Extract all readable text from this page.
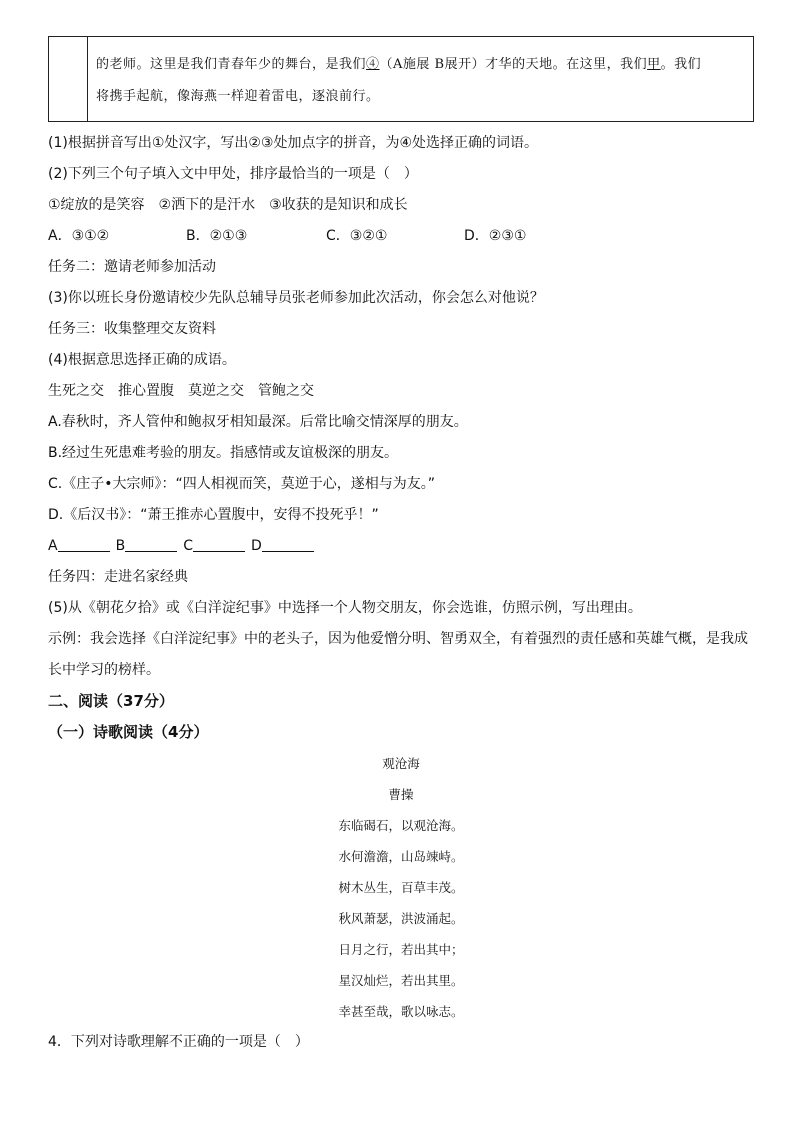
的老师。这里是我们青春年少的舞台，是我们④（A施展 B展开）才华的天地。在这里，我们甲。我们
将携手起航，像海燕一样迎着雷电，逐浪前行。
(1)根据拼音写出①处汉字，写出②③处加点字的拼音，为④处选择正确的词语。
(2)下列三个句子填入文中甲处，排序最恰当的一项是（　）
①绽放的是笑容　②洒下的是汗水　③收获的是知识和成长
A．③①②	B．②①③	C．③②①	D．②③①
任务二：邀请老师参加活动
(3)你以班长身份邀请校少先队总辅导员张老师参加此次活动，你会怎么对他说？
任务三：收集整理交友资料
(4)根据意思选择正确的成语。
生死之交　推心置腹　莫逆之交　管鲍之交
A.春秋时，齐人管仲和鲍叔牙相知最深。后常比喻交情深厚的朋友。
B.经过生死患难考验的朋友。指感情或友谊极深的朋友。
C.《庄子•大宗师》：“四人相视而笑，莫逆于心，遂相与为友。”
D.《后汉书》：“萧王推赤心置腹中，安得不投死乎！”
A	B	C	D
任务四：走进名家经典
(5)从《朝花夕拾》或《白洋淀纪事》中选择一个人物交朋友，你会选谁，仿照示例，写出理由。
示例：我会选择《白洋淀纪事》中的老头子，因为他爱憎分明、智勇双全，有着强烈的责任感和英雄气概，是我成
长中学习的榜样。
二、阅读（37分）
（一）诗歌阅读（4分）
观沧海
曹操
东临碣石，以观沧海。
水何澹澹，山岛竦峙。
树木丛生，百草丰茂。
秋风萧瑟，洪波涌起。
日月之行，若出其中；
星汉灿烂，若出其里。
幸甚至哉，歌以咏志。
4．下列对诗歌理解不正确的一项是（　）
